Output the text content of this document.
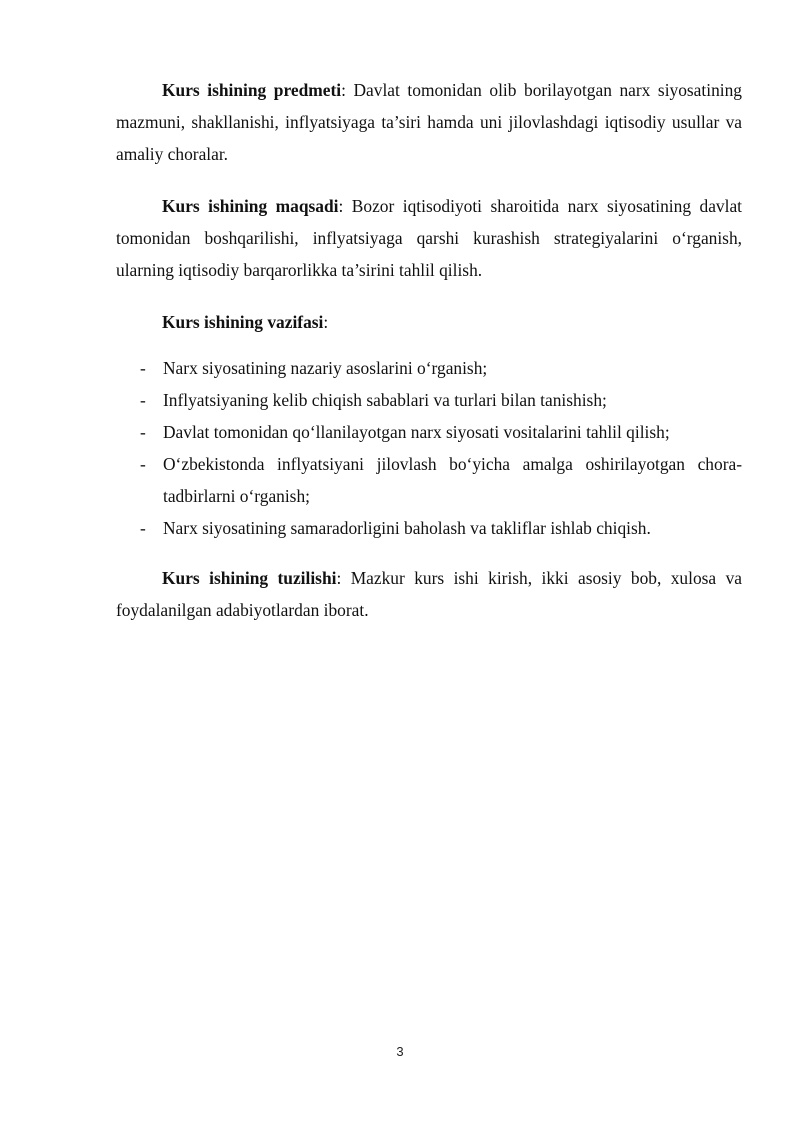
Kurs ishining predmeti: Davlat tomonidan olib borilayotgan narx siyosatining mazmuni, shakllanishi, inflyatsiyaga ta’siri hamda uni jilovlashdagi iqtisodiy usullar va amaliy choralar.

Kurs ishining maqsadi: Bozor iqtisodiyoti sharoitida narx siyosatining davlat tomonidan boshqarilishi, inflyatsiyaga qarshi kurashish strategiyalarini o‘rganish, ularning iqtisodiy barqarorlikka ta’sirini tahlil qilish.

Kurs ishining vazifasi:

- Narx siyosatining nazariy asoslarini o‘rganish;
- Inflyatsiyaning kelib chiqish sabablari va turlari bilan tanishish;
- Davlat tomonidan qo‘llanilayotgan narx siyosati vositalarini tahlil qilish;
- O‘zbekistonda inflyatsiyani jilovlash bo‘yicha amalga oshirilayotgan chora-tadbirlarni o‘rganish;
- Narx siyosatining samaradorligini baholash va takliflar ishlab chiqish.

Kurs ishining tuzilishi: Mazkur kurs ishi kirish, ikki asosiy bob, xulosa va foydalanilgan adabiyotlardan iborat.

3
